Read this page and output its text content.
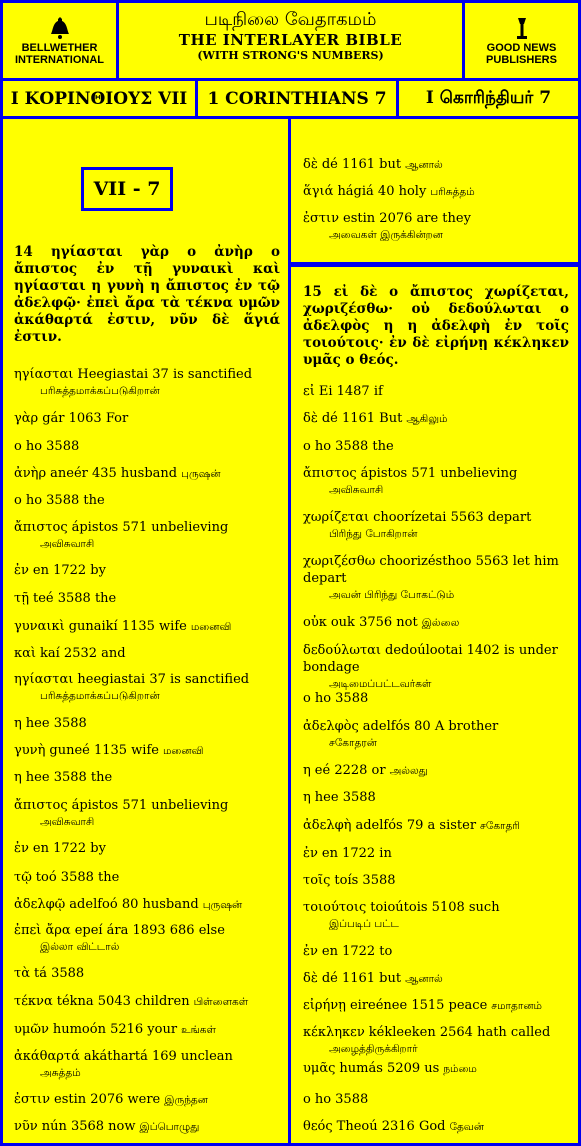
BELLWETHER
INTERNATIONAL
படிநிலை வேதாகமம்
THE INTERLAYER BIBLE
(WITH STRONG'S NUMBERS)
GOOD NEWS
PUBLISHERS
Ι ΚΟΡΙΝΘΙΟΥΣ VII	1 CORINTHIANS 7	I கொரிந்தியர் 7
VII - 7
14 ηγίασται γὰρ ο ἀνὴρ ο ἄπιστος ἐν τῇ γυναικὶ καὶ ηγίασται η γυνὴ η ἄπιστος ἐν τῷ ἀδελφῷ· ἐπεὶ ἄρα τὰ τέκνα υμῶν ἀκάθαρτά ἐστιν, νῦν δὲ ἅγιά ἐστιν.
15 εἰ δὲ ο ἄπιστος χωρίζεται, χωριζέσθω· οὐ δεδούλωται ο ἀδελφὸς η η ἀδελφὴ ἐν τοῖς τοιούτοις· ἐν δὲ εἰρήνῃ κέκληκεν υμᾶς ο θεός.
ηγίασται Heegiastai 37 is sanctified
பரிசுத்தமாக்கப்படுகிறான்
γὰρ gár 1063 For
ο ho 3588
ἀνὴρ aneér 435 husband புருஷன்
ο ho 3588 the
ἄπιστος ápistos 571 unbelieving
அவிசுவாசி
ἐν en 1722 by
τῇ teé 3588 the
γυναικὶ gunaikí 1135 wife மனைவி
καὶ kaí 2532 and
ηγίασται heegiastai 37 is sanctified
பரிசுத்தமாக்கப்படுகிறான்
η hee 3588
γυνὴ guneé 1135 wife மனைவி
η hee 3588 the
ἄπιστος ápistos 571 unbelieving
அவிசுவாசி
ἐν en 1722 by
τῷ toó 3588 the
ἀδελφῷ adelfoó 80 husband புருஷன்
ἐπεὶ ἄρα epeí ára 1893 686 else
இல்லா விட்டால்
τὰ tá 3588
τέκνα tékna 5043 children பிள்ளைகள்
υμῶν humoón 5216 your உங்கள்
ἀκάθαρτά akáthartá 169 unclean
அசுத்தம்
ἐστιν estin 2076 were இருந்தன
νῦν nún 3568 now இப்பொழுது
δὲ dé 1161 but ஆனால்
ἅγιά hágiá 40 holy பரிசுத்தம்
ἐστιν estin 2076 are they
அவைகள் இருக்கின்றன
εἰ Ei 1487 if
δὲ dé 1161 But ஆகிலும்
ο ho 3588 the
ἄπιστος ápistos 571 unbelieving
அவிசுவாசி
χωρίζεται choorízetai 5563 depart
பிரிந்து போகிறான்
χωριζέσθω choorizésthoo 5563 let him depart
அவன் பிரிந்து போகட்டும்
οὐκ ouk 3756 not இல்லை
δεδούλωται dedoúlootai 1402 is under bondage
அடிமைப்பட்டவர்கள்
ο ho 3588
ἀδελφὸς adelfós 80 A brother
சகோதரன்
η eé 2228 or அல்லது
η hee 3588
ἀδελφὴ adelfós 79 a sister சகோதரி
ἐν en 1722 in
τοῖς toís 3588
τοιούτοις toioútois 5108 such
இப்படிப் பட்ட
ἐν en 1722 to
δὲ dé 1161 but ஆனால்
εἰρήνῃ eireénee 1515 peace சமாதானம்
κέκληκεν kékleeken 2564 hath called
அழைத்திருக்கிறார்
υμᾶς humás 5209 us நம்மை
ο ho 3588
θεός Theoú 2316 God தேவன்
